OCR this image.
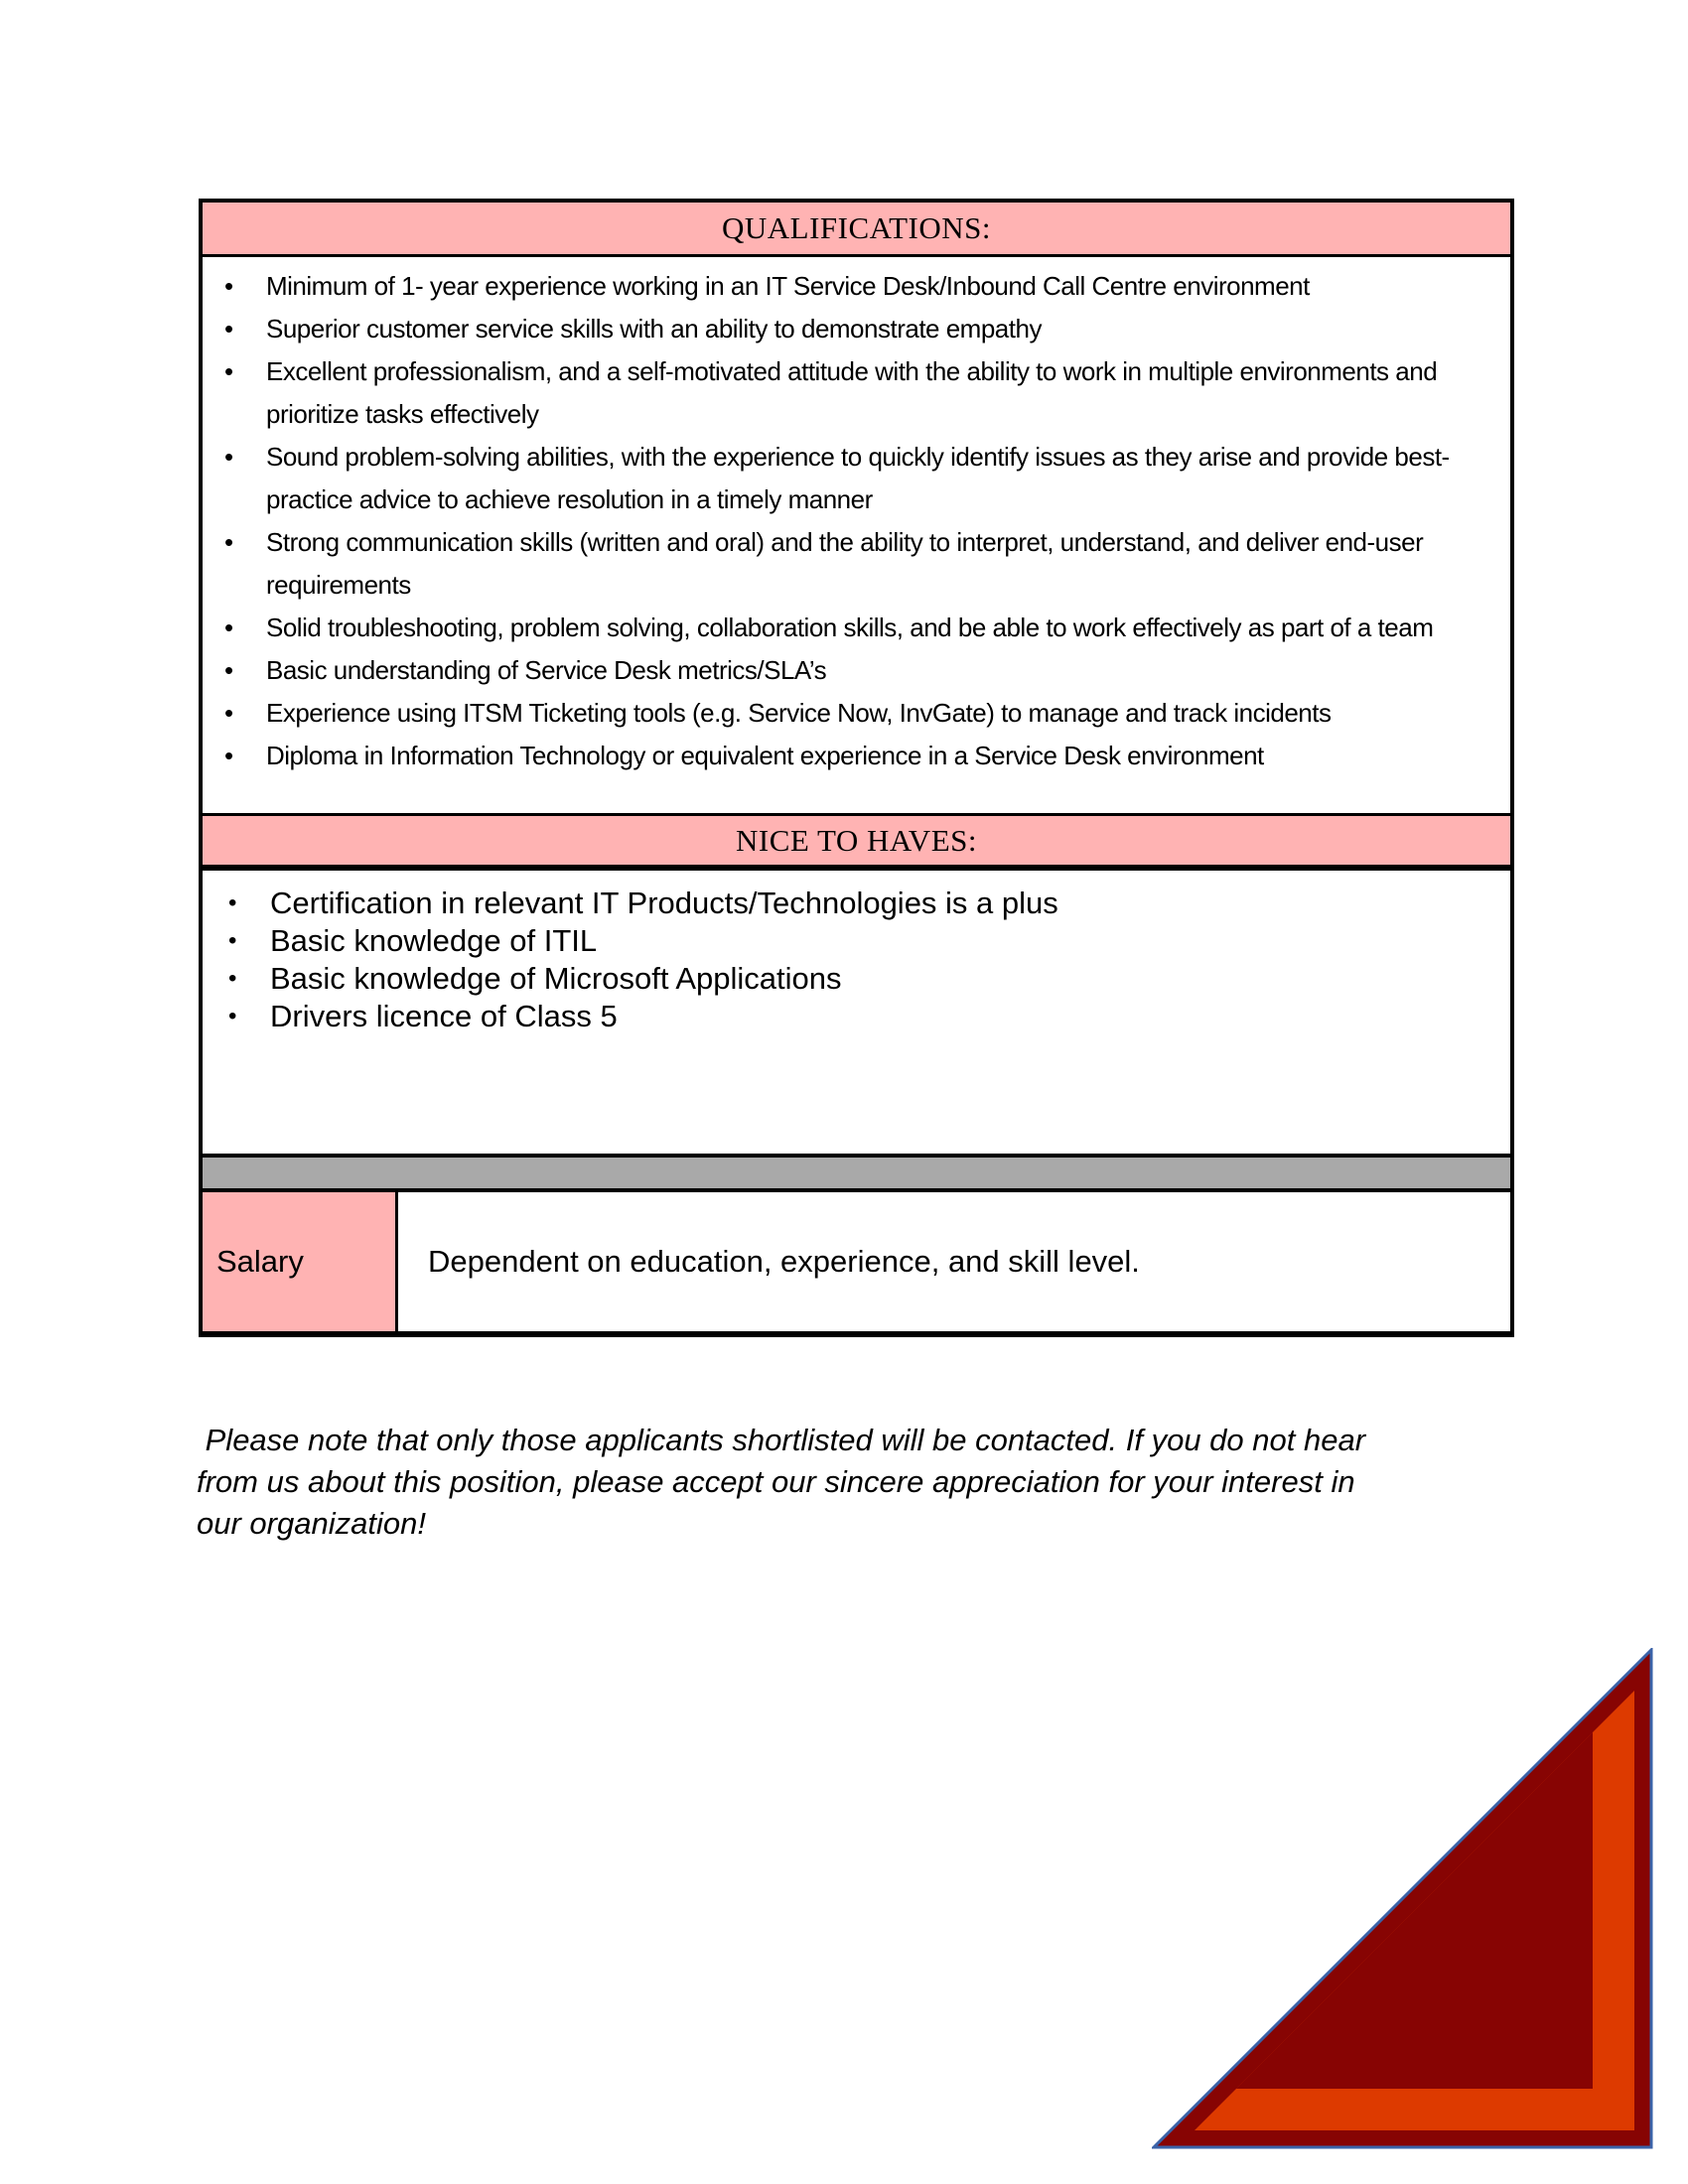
QUALIFICATIONS:
•	Minimum of 1- year experience working in an IT Service Desk/Inbound Call Centre environment
•	Superior customer service skills with an ability to demonstrate empathy
•	Excellent professionalism, and a self-motivated attitude with the ability to work in multiple environments and prioritize tasks effectively
•	Sound problem-solving abilities, with the experience to quickly identify issues as they arise and provide best-practice advice to achieve resolution in a timely manner
•	Strong communication skills (written and oral) and the ability to interpret, understand, and deliver end-user requirements
•	Solid troubleshooting, problem solving, collaboration skills, and be able to work effectively as part of a team
•	Basic understanding of Service Desk metrics/SLA’s
•	Experience using ITSM Ticketing tools (e.g. Service Now, InvGate) to manage and track incidents
•	Diploma in Information Technology or equivalent experience in a Service Desk environment
NICE TO HAVES:
•	Certification in relevant IT Products/Technologies is a plus
•	Basic knowledge of ITIL
•	Basic knowledge of Microsoft Applications
•	Drivers licence of Class 5
Salary	Dependent on education, experience, and skill level.
Please note that only those applicants shortlisted will be contacted. If you do not hear
from us about this position, please accept our sincere appreciation for your interest in
our organization!
